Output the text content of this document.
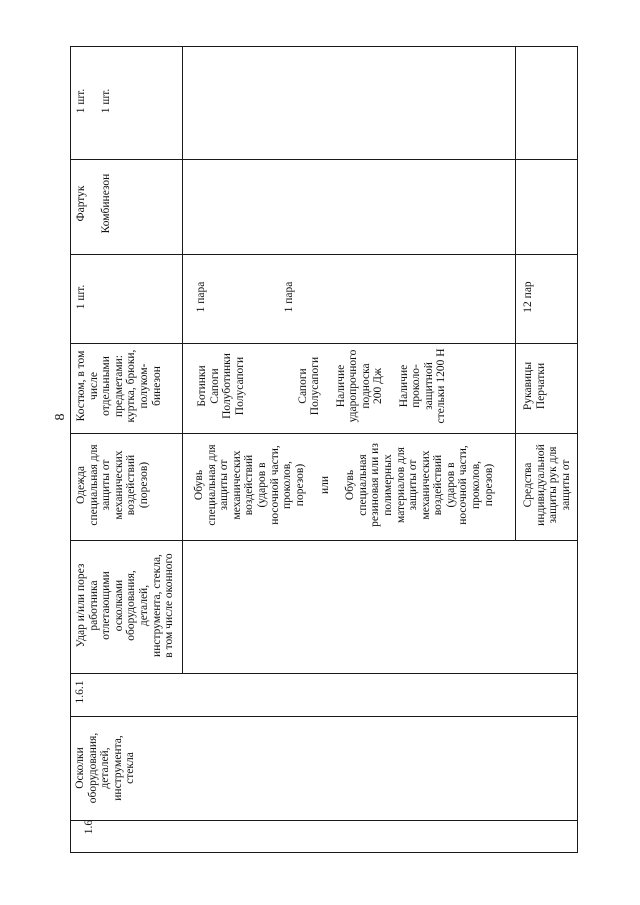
8
1.6
Осколки
оборудования,
деталей,
инструмента,
стекла
1.6.1
Удар и/или порез
работника
отлетающими
осколками
оборудования,
деталей,
инструмента, стекла,
в том числе оконного
Одежда
специальная для
защиты от
механических
воздействий
(порезов)
Костюм, в том
числе
отдельными
предметами:
куртка, брюки,
полуком-
бинезон
1 шт.
Фартук

Комбинезон
1 шт.

1 шт.
Обувь
специальная для
защиты от
механических
воздействий
(ударов в
носочной части,
проколов,
порезов)

или

Обувь
специальная
резиновая или из
полимерных
материалов для
защиты от
механических
воздействий
(ударов в
носочной части,
проколов,
порезов)
Ботинки
Сапоги
Полуботинки
Полусапоги

Сапоги
Полусапоги

Наличие
ударопрочного
подноска
200 Дж

Наличие
проколо-
защитной
стельки 1200 Н
1 пара

1 пара
Средства
индивидуальной
защиты рук для
защиты от
Рукавицы
Перчатки
12 пар
